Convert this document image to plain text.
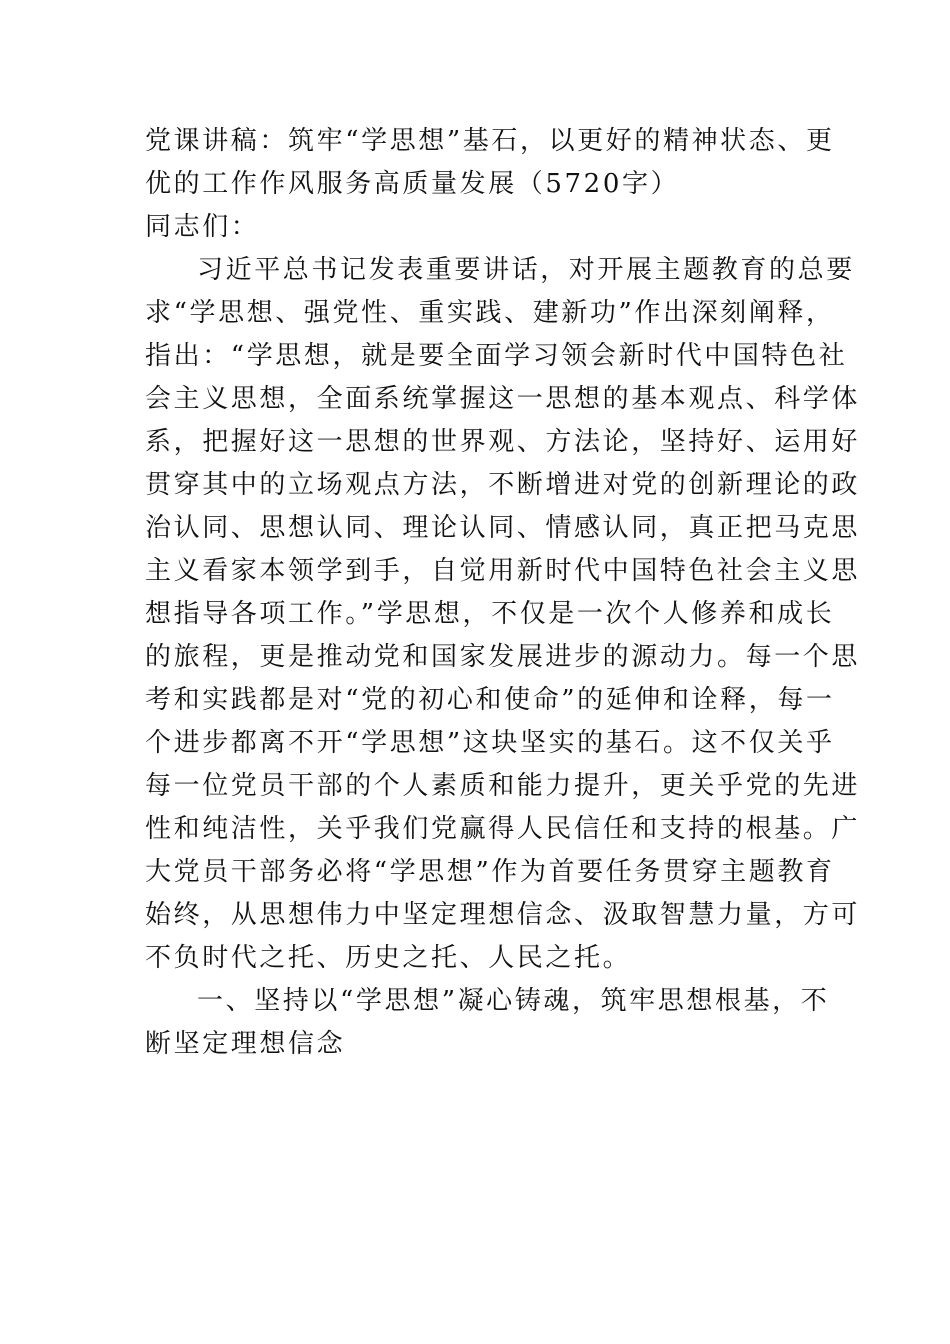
党课讲稿：筑牢“学思想”基石，以更好的精神状态、更
优的工作作风服务高质量发展（5720字）
同志们：
习近平总书记发表重要讲话，对开展主题教育的总要
求“学思想、强党性、重实践、建新功”作出深刻阐释，
指出：“学思想，就是要全面学习领会新时代中国特色社
会主义思想，全面系统掌握这一思想的基本观点、科学体
系，把握好这一思想的世界观、方法论，坚持好、运用好
贯穿其中的立场观点方法，不断增进对党的创新理论的政
治认同、思想认同、理论认同、情感认同，真正把马克思
主义看家本领学到手，自觉用新时代中国特色社会主义思
想指导各项工作。”学思想，不仅是一次个人修养和成长
的旅程，更是推动党和国家发展进步的源动力。每一个思
考和实践都是对“党的初心和使命”的延伸和诠释，每一
个进步都离不开“学思想”这块坚实的基石。这不仅关乎
每一位党员干部的个人素质和能力提升，更关乎党的先进
性和纯洁性，关乎我们党赢得人民信任和支持的根基。广
大党员干部务必将“学思想”作为首要任务贯穿主题教育
始终，从思想伟力中坚定理想信念、汲取智慧力量，方可
不负时代之托、历史之托、人民之托。
一、坚持以“学思想”凝心铸魂，筑牢思想根基，不
断坚定理想信念
